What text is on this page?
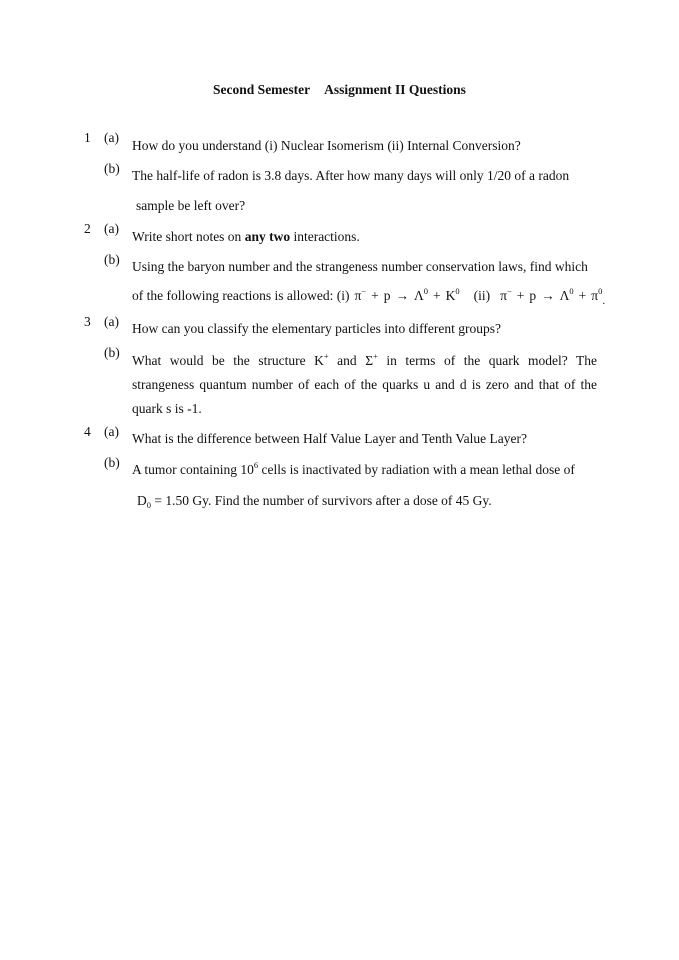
Second Semester Assignment II Questions
1 (a)
How do you understand (i) Nuclear Isomerism (ii) Internal Conversion?
(b) The half-life of radon is 3.8 days. After how many days will only 1/20 of a radon
sample be left over?
2 (a)
Write short notes on any two interactions.
(b) Using the baryon number and the strangeness number conservation laws, find which
of the following reactions is allowed: (i) $\pi^- + p \to \Lambda^0 + K^0$ (ii) $\pi^- + p \to \Lambda^0 + \pi^0_.$
3 (a) How can you classify the elementary particles into different groups?
(b)
What would be the structure K+ and Σ+ in terms of the quark model? The
strangeness quantum number of each of the quarks u and d is zero and that of the
quark s is -1.
4 (a) What is the difference between Half Value Layer and Tenth Value Layer?
(b) A tumor containing $10^6$ cells is inactivated by radiation with a mean lethal dose of
$D_0 = 1.50$ Gy. Find the number of survivors after a dose of 45 Gy.
